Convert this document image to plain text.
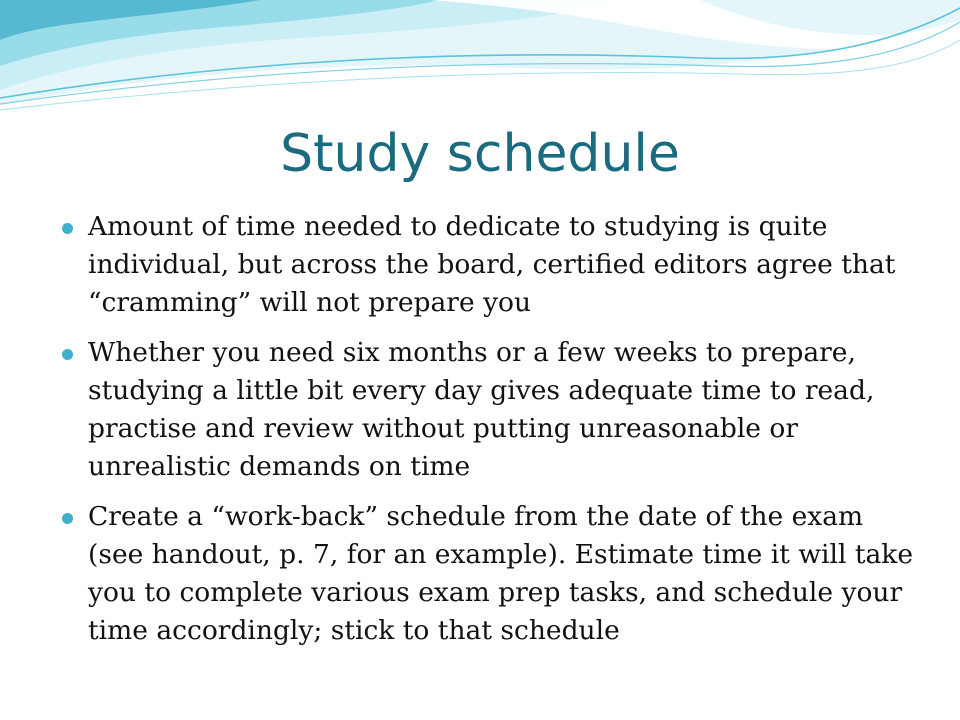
Study schedule
Amount of time needed to dedicate to studying is quite individual, but across the board, certified editors agree that “cramming” will not prepare you
Whether you need six months or a few weeks to prepare, studying a little bit every day gives adequate time to read, practise and review without putting unreasonable or unrealistic demands on time
Create a “work-back” schedule from the date of the exam (see handout, p. 7, for an example). Estimate time it will take you to complete various exam prep tasks, and schedule your time accordingly; stick to that schedule
